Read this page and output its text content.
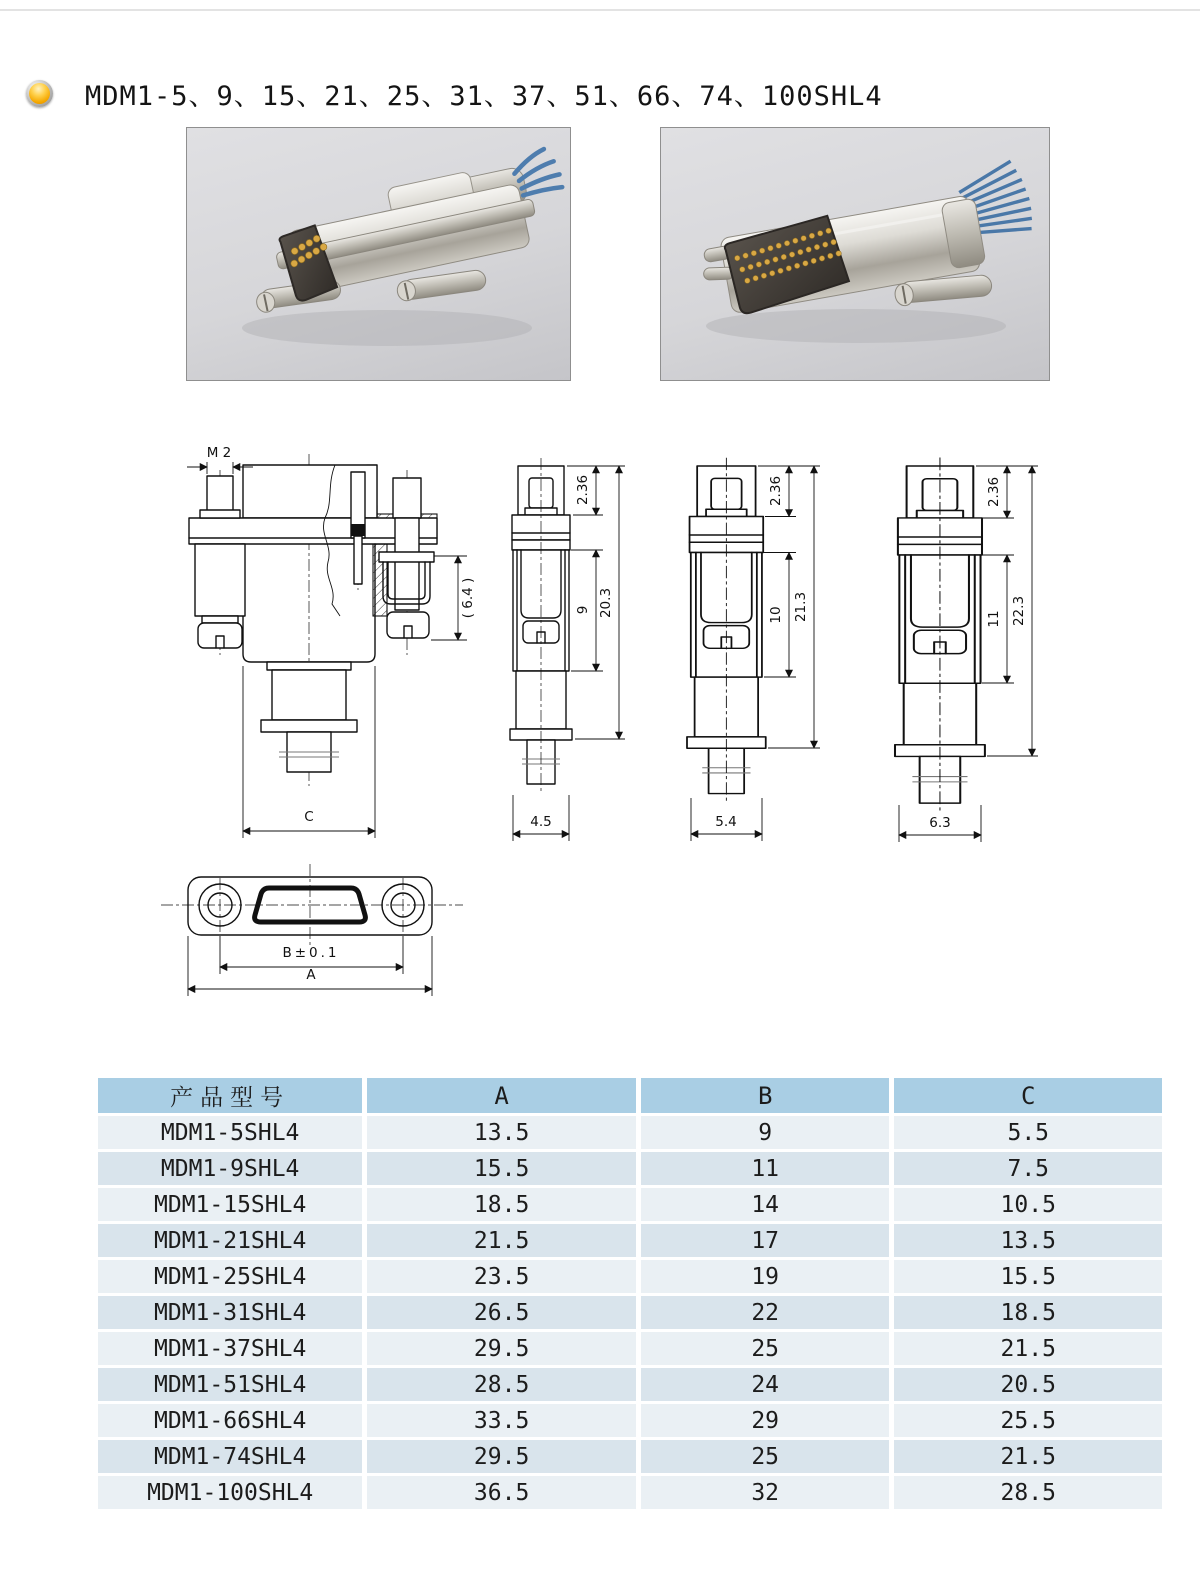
MDM1-5、9、15、21、25、31、37、51、66、74、100SHL4
M 2
( 6.4 )
C
2.36
9 20.3
4.5
2.36
10 21.3
5.4
2.36
11 22.3
6.3
B±0.1
A
产品型号	A	B	C
MDM1-5SHL4	13.5	9	5.5
MDM1-9SHL4	15.5	11	7.5
MDM1-15SHL4	18.5	14	10.5
MDM1-21SHL4	21.5	17	13.5
MDM1-25SHL4	23.5	19	15.5
MDM1-31SHL4	26.5	22	18.5
MDM1-37SHL4	29.5	25	21.5
MDM1-51SHL4	28.5	24	20.5
MDM1-66SHL4	33.5	29	25.5
MDM1-74SHL4	29.5	25	21.5
MDM1-100SHL4	36.5	32	28.5
